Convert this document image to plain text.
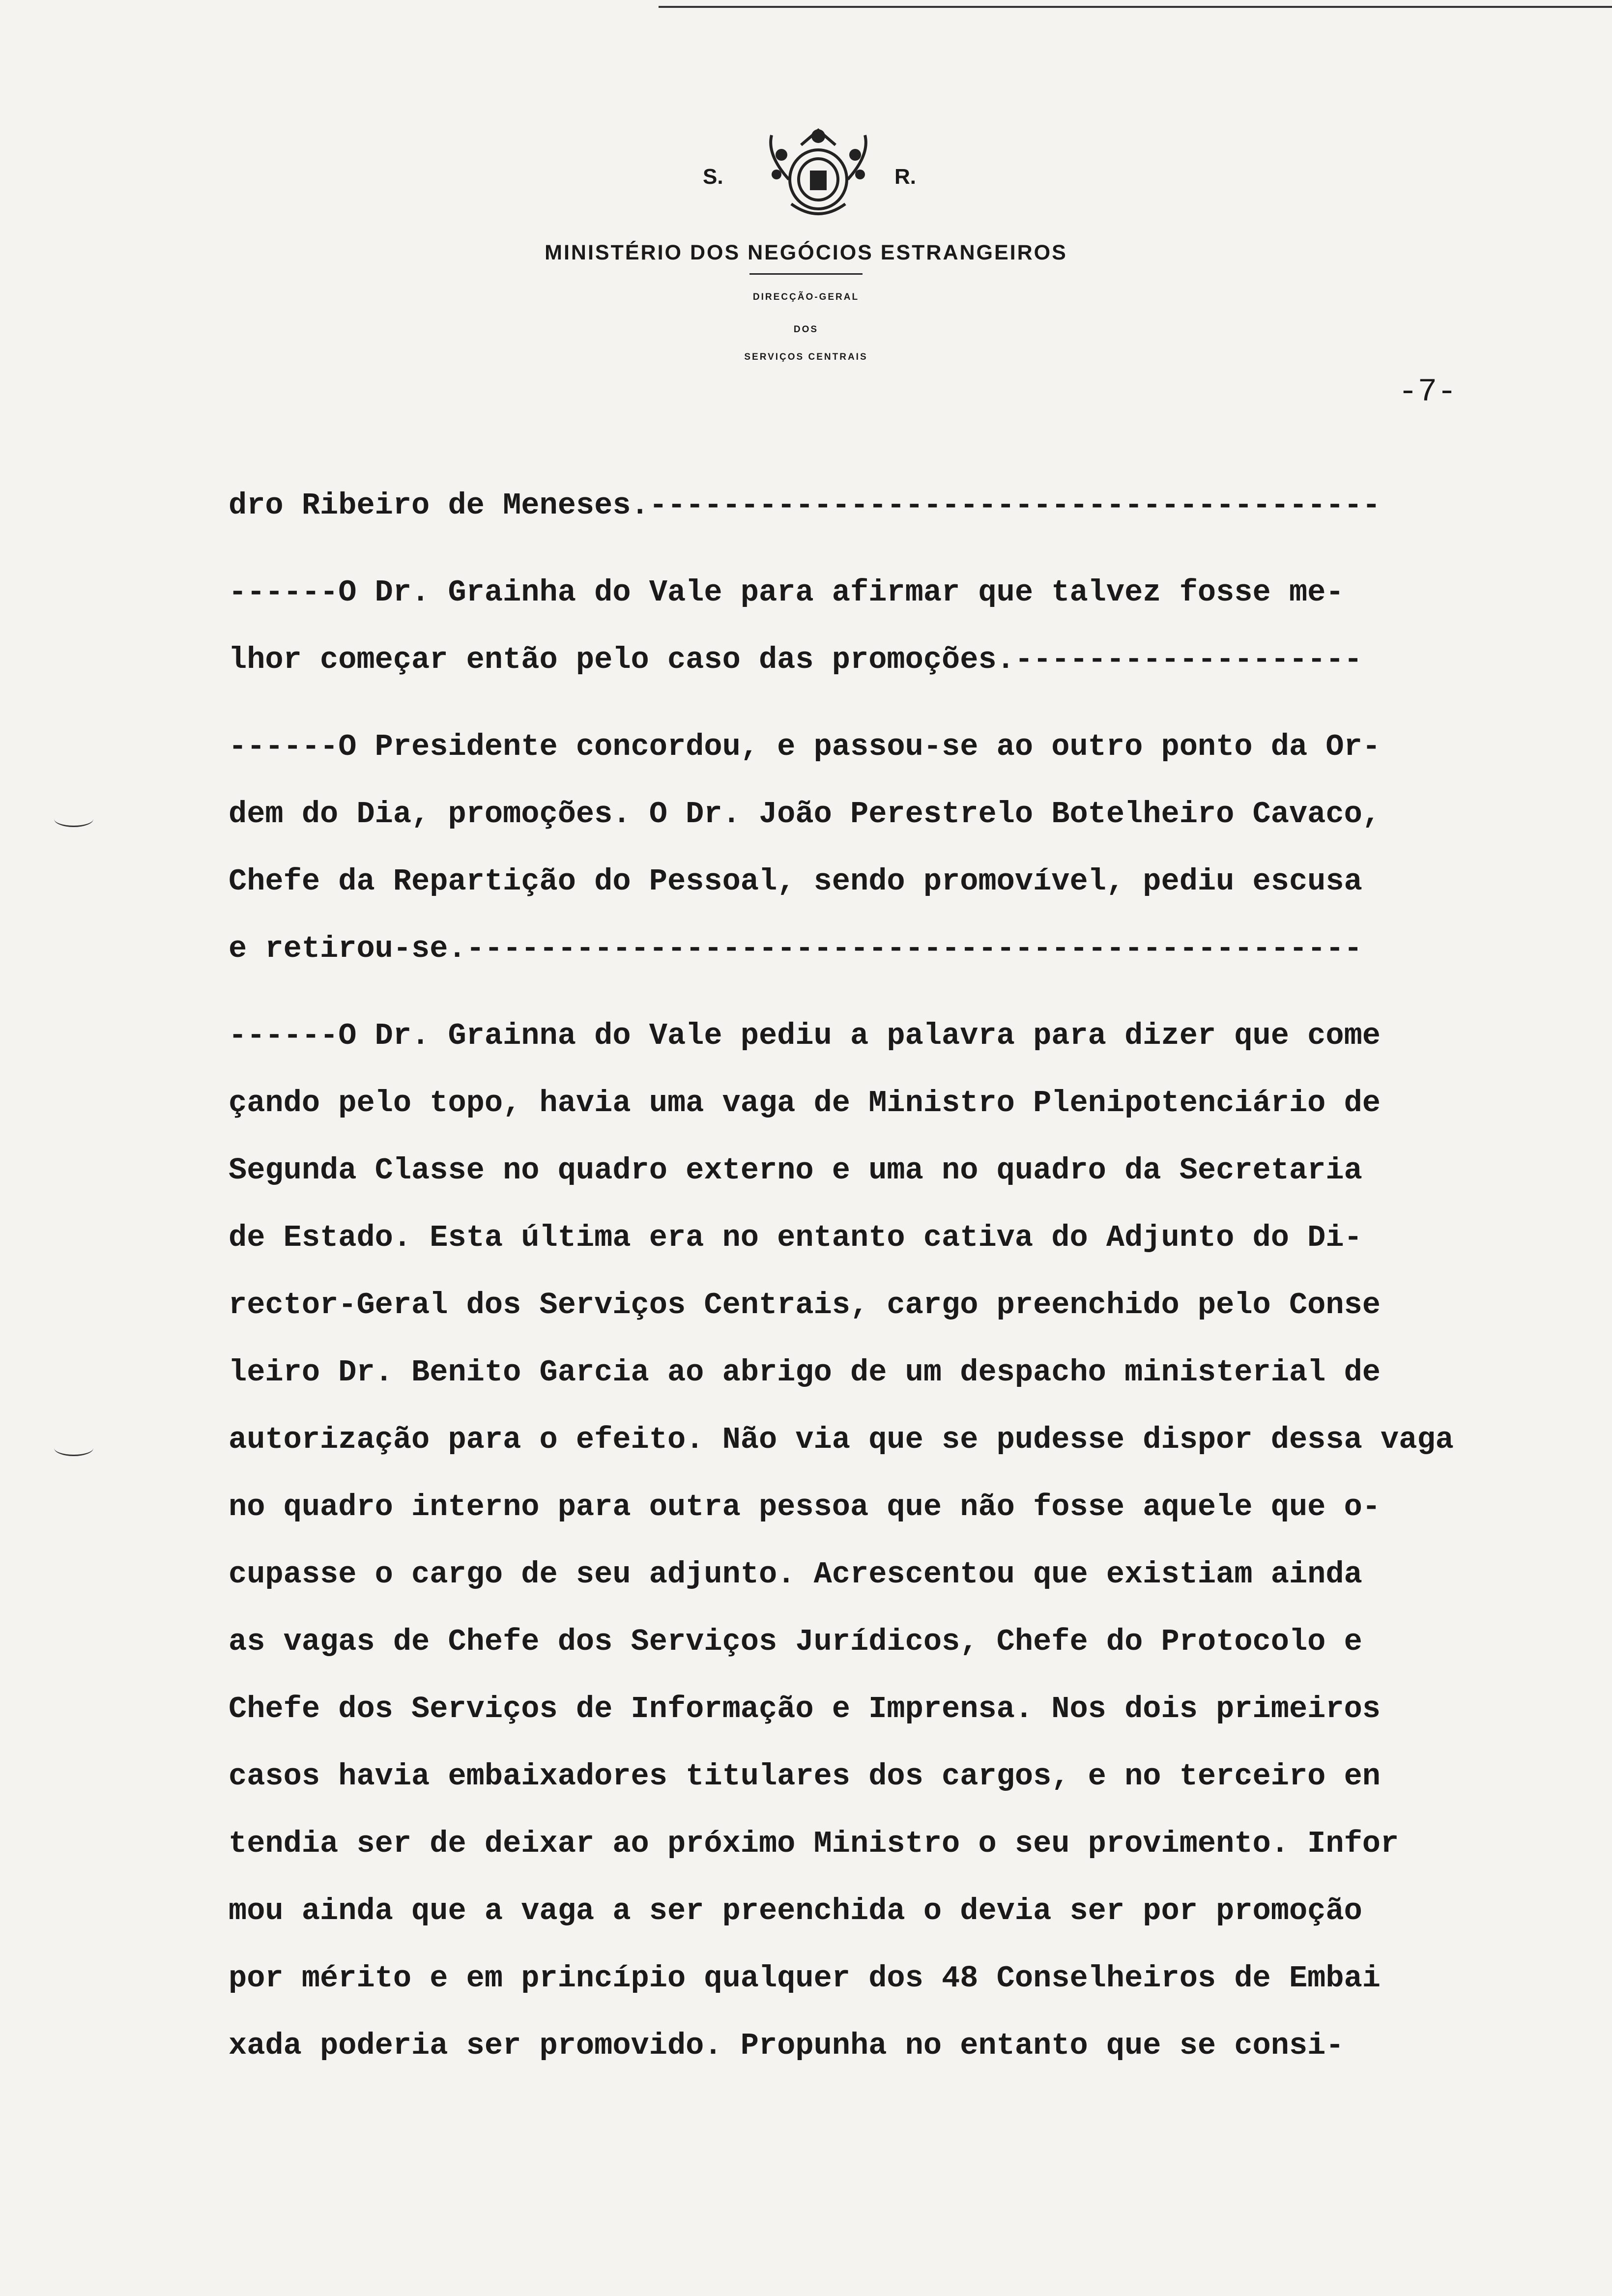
S.	R.
MINISTÉRIO DOS NEGÓCIOS ESTRANGEIROS
DIRECÇÃO-GERAL
DOS
SERVIÇOS CENTRAIS
-7-
dro Ribeiro de Meneses.----------------------------------------
------O Dr. Grainha do Vale para afirmar que talvez fosse me-
lhor começar então pelo caso das promoções.-------------------
------O Presidente concordou, e passou-se ao outro ponto da Or-
dem do Dia, promoções. O Dr. João Perestrelo Botelheiro Cavaco,
Chefe da Repartição do Pessoal, sendo promovível, pediu escusa
e retirou-se.-------------------------------------------------
------O Dr. Grainna do Vale pediu a palavra para dizer que come
çando pelo topo, havia uma vaga de Ministro Plenipotenciário de
Segunda Classe no quadro externo e uma no quadro da Secretaria
de Estado. Esta última era no entanto cativa do Adjunto do Di-
rector-Geral dos Serviços Centrais, cargo preenchido pelo Conse
leiro Dr. Benito Garcia ao abrigo de um despacho ministerial de
autorização para o efeito. Não via que se pudesse dispor dessa vaga
no quadro interno para outra pessoa que não fosse aquele que o-
cupasse o cargo de seu adjunto. Acrescentou que existiam ainda
as vagas de Chefe dos Serviços Jurídicos, Chefe do Protocolo e
Chefe dos Serviços de Informação e Imprensa. Nos dois primeiros
casos havia embaixadores titulares dos cargos, e no terceiro en
tendia ser de deixar ao próximo Ministro o seu provimento. Infor
mou ainda que a vaga a ser preenchida o devia ser por promoção
por mérito e em princípio qualquer dos 48 Conselheiros de Embai
xada poderia ser promovido. Propunha no entanto que se consi-
